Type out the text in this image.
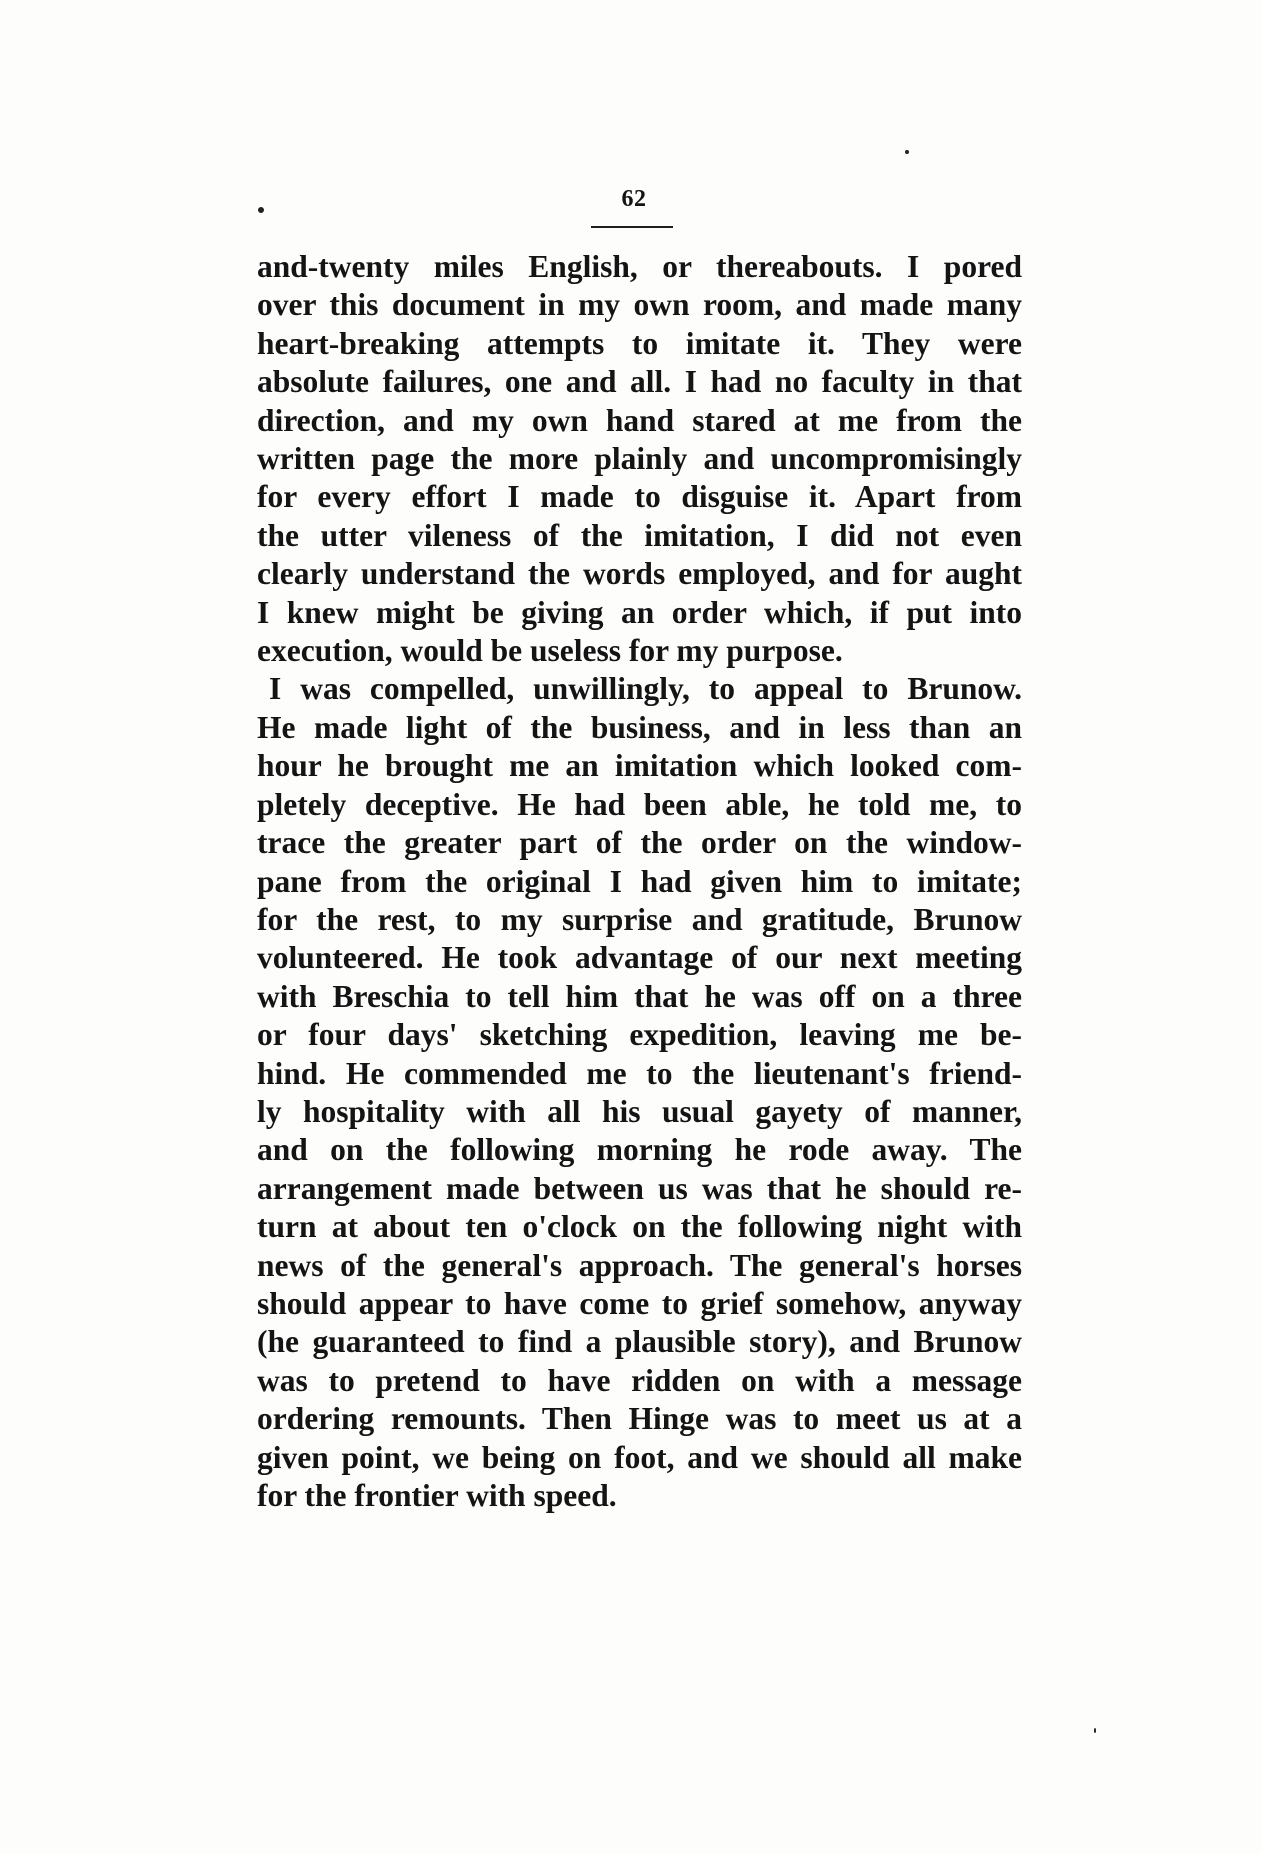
62
and-twenty miles English, or thereabouts. I pored
over this document in my own room, and made many
heart-breaking attempts to imitate it. They were
absolute failures, one and all. I had no faculty in that
direction, and my own hand stared at me from the
written page the more plainly and uncompromisingly
for every effort I made to disguise it. Apart from
the utter vileness of the imitation, I did not even
clearly understand the words employed, and for aught
I knew might be giving an order which, if put into
execution, would be useless for my purpose.
I was compelled, unwillingly, to appeal to Brunow.
He made light of the business, and in less than an
hour he brought me an imitation which looked com-
pletely deceptive. He had been able, he told me, to
trace the greater part of the order on the window-
pane from the original I had given him to imitate;
for the rest, to my surprise and gratitude, Brunow
volunteered. He took advantage of our next meeting
with Breschia to tell him that he was off on a three
or four days' sketching expedition, leaving me be-
hind. He commended me to the lieutenant's friend-
ly hospitality with all his usual gayety of manner,
and on the following morning he rode away. The
arrangement made between us was that he should re-
turn at about ten o'clock on the following night with
news of the general's approach. The general's horses
should appear to have come to grief somehow, anyway
(he guaranteed to find a plausible story), and Brunow
was to pretend to have ridden on with a message
ordering remounts. Then Hinge was to meet us at a
given point, we being on foot, and we should all make
for the frontier with speed.
